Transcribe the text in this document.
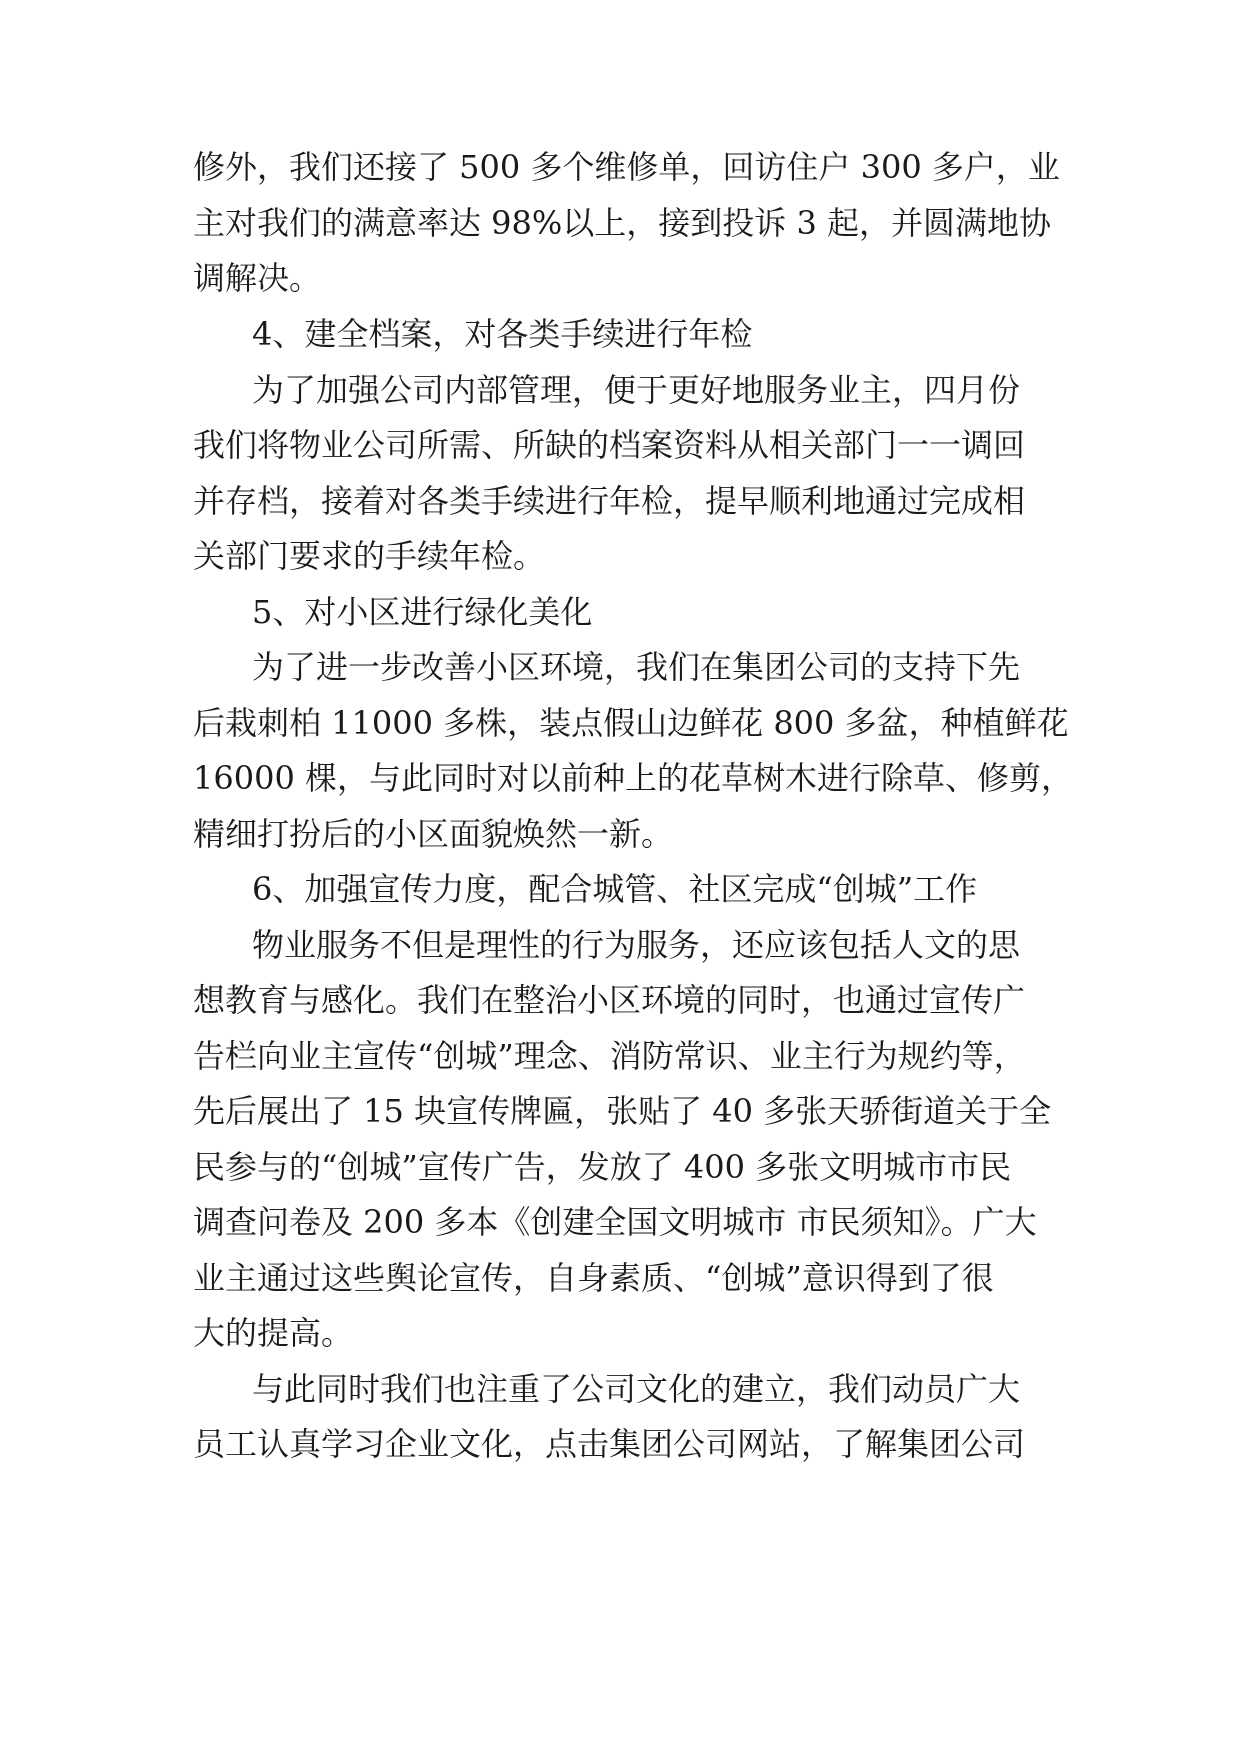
修外，我们还接了 500 多个维修单，回访住户 300 多户，业
主对我们的满意率达 98%以上，接到投诉 3 起，并圆满地协
调解决。
4、建全档案，对各类手续进行年检
为了加强公司内部管理，便于更好地服务业主，四月份
我们将物业公司所需、所缺的档案资料从相关部门一一调回
并存档，接着对各类手续进行年检，提早顺利地通过完成相
关部门要求的手续年检。
5、对小区进行绿化美化
为了进一步改善小区环境，我们在集团公司的支持下先
后栽刺柏 11000 多株，装点假山边鲜花 800 多盆，种植鲜花
16000 棵，与此同时对以前种上的花草树木进行除草、修剪，
精细打扮后的小区面貌焕然一新。
6、加强宣传力度，配合城管、社区完成“创城”工作
物业服务不但是理性的行为服务，还应该包括人文的思
想教育与感化。我们在整治小区环境的同时，也通过宣传广
告栏向业主宣传“创城”理念、消防常识、业主行为规约等，
先后展出了 15 块宣传牌匾，张贴了 40 多张天骄街道关于全
民参与的“创城”宣传广告，发放了 400 多张文明城市市民
调查问卷及 200 多本《创建全国文明城市 市民须知》。广大
业主通过这些舆论宣传，自身素质、“创城”意识得到了很
大的提高。
与此同时我们也注重了公司文化的建立，我们动员广大
员工认真学习企业文化，点击集团公司网站，了解集团公司
